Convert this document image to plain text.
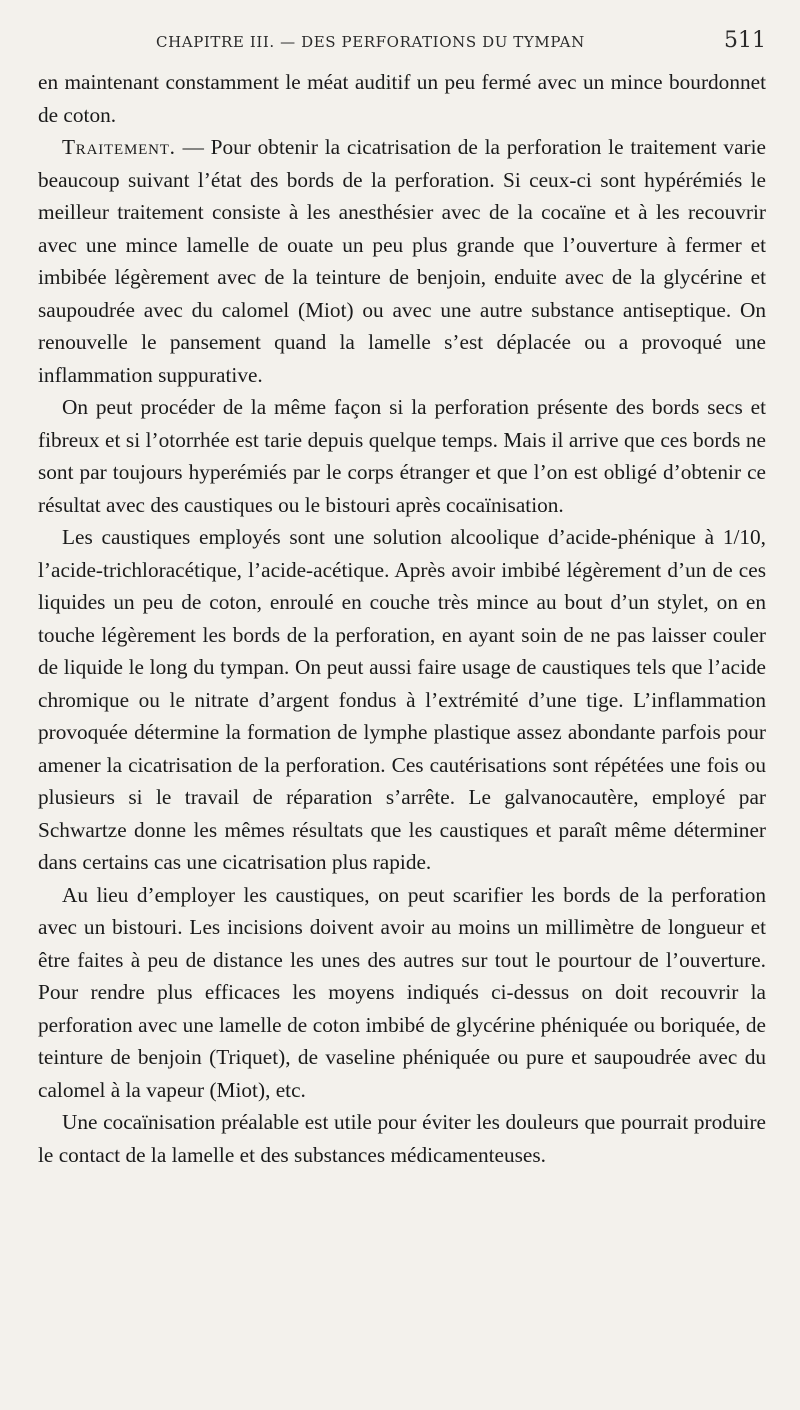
CHAPITRE III. — DES PERFORATIONS DU TYMPAN	511

en maintenant constamment le méat auditif un peu fermé avec un mince bourdonnet de coton.

Traitement. — Pour obtenir la cicatrisation de la perforation le traitement varie beaucoup suivant l’état des bords de la perforation. Si ceux-ci sont hypérémiés le meilleur traitement consiste à les anesthésier avec de la cocaïne et à les recouvrir avec une mince lamelle de ouate un peu plus grande que l’ouverture à fermer et imbibée légèrement avec de la teinture de benjoin, enduite avec de la glycérine et saupoudrée avec du calomel (Miot) ou avec une autre substance antiseptique. On renouvelle le pansement quand la lamelle s’est déplacée ou a provoqué une inflammation suppurative.

On peut procéder de la même façon si la perforation présente des bords secs et fibreux et si l’otorrhée est tarie depuis quelque temps. Mais il arrive que ces bords ne sont par toujours hyperémiés par le corps étranger et que l’on est obligé d’obtenir ce résultat avec des caustiques ou le bistouri après cocaïnisation.

Les caustiques employés sont une solution alcoolique d’acide-phénique à 1/10, l’acide-trichloracétique, l’acide-acétique. Après avoir imbibé légèrement d’un de ces liquides un peu de coton, enroulé en couche très mince au bout d’un stylet, on en touche légèrement les bords de la perforation, en ayant soin de ne pas laisser couler de liquide le long du tympan. On peut aussi faire usage de caustiques tels que l’acide chromique ou le nitrate d’argent fondus à l’extrémité d’une tige. L’inflammation provoquée détermine la formation de lymphe plastique assez abondante parfois pour amener la cicatrisation de la perforation. Ces cautérisations sont répétées une fois ou plusieurs si le travail de réparation s’arrête. Le galvanocautère, employé par Schwartze donne les mêmes résultats que les caustiques et paraît même déterminer dans certains cas une cicatrisation plus rapide.

Au lieu d’employer les caustiques, on peut scarifier les bords de la perforation avec un bistouri. Les incisions doivent avoir au moins un millimètre de longueur et être faites à peu de distance les unes des autres sur tout le pourtour de l’ouverture. Pour rendre plus efficaces les moyens indiqués ci-dessus on doit recouvrir la perforation avec une lamelle de coton imbibé de glycérine phéniquée ou boriquée, de teinture de benjoin (Triquet), de vaseline phéniquée ou pure et saupoudrée avec du calomel à la vapeur (Miot), etc.

Une cocaïnisation préalable est utile pour éviter les douleurs que pourrait produire le contact de la lamelle et des substances médicamenteuses.
